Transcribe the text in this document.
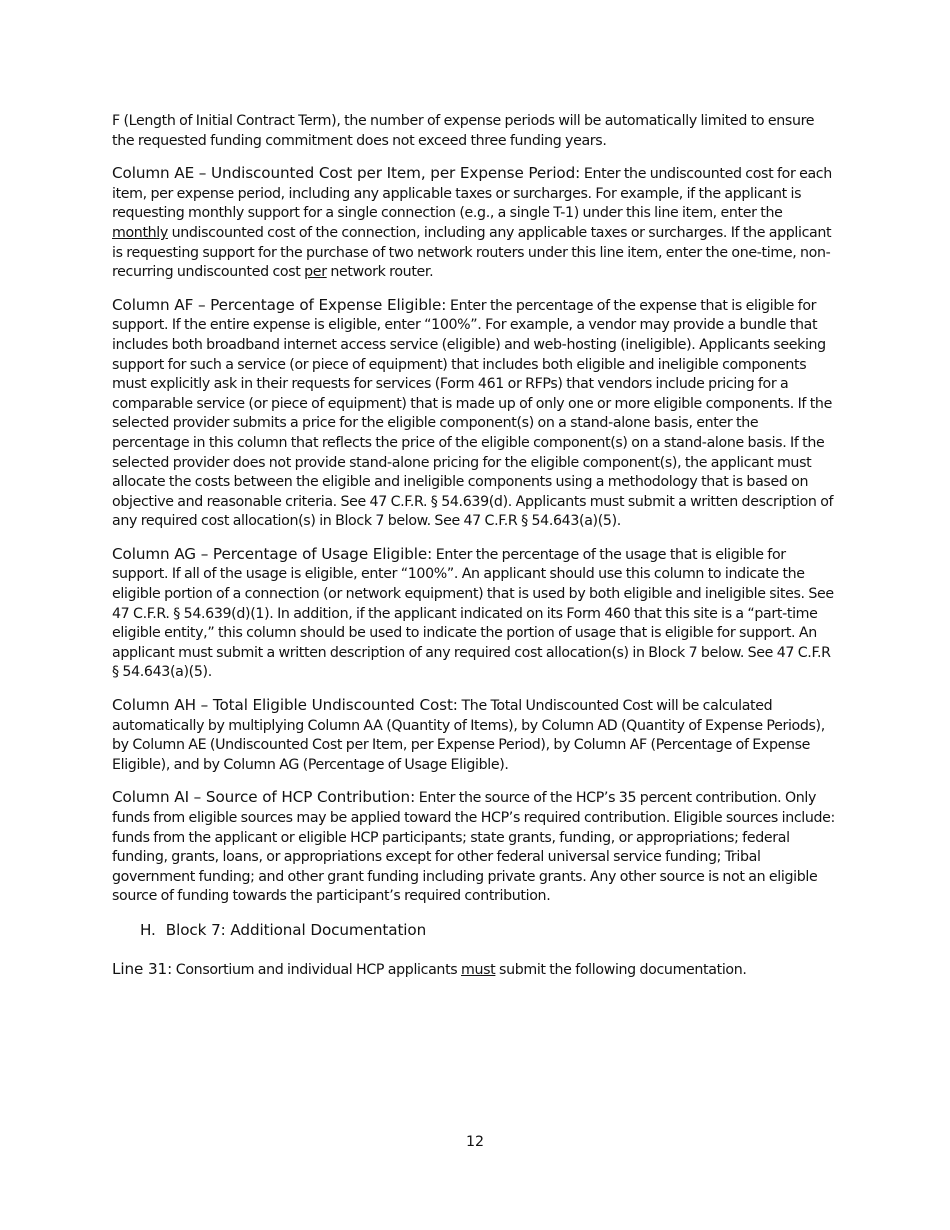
F (Length of Initial Contract Term), the number of expense periods will be automatically limited to ensure the requested funding commitment does not exceed three funding years.

Column AE – Undiscounted Cost per Item, per Expense Period: Enter the undiscounted cost for each item, per expense period, including any applicable taxes or surcharges. For example, if the applicant is requesting monthly support for a single connection (e.g., a single T-1) under this line item, enter the monthly undiscounted cost of the connection, including any applicable taxes or surcharges. If the applicant is requesting support for the purchase of two network routers under this line item, enter the one-time, non-recurring undiscounted cost per network router.

Column AF – Percentage of Expense Eligible: Enter the percentage of the expense that is eligible for support. If the entire expense is eligible, enter “100%”. For example, a vendor may provide a bundle that includes both broadband internet access service (eligible) and web-hosting (ineligible). Applicants seeking support for such a service (or piece of equipment) that includes both eligible and ineligible components must explicitly ask in their requests for services (Form 461 or RFPs) that vendors include pricing for a comparable service (or piece of equipment) that is made up of only one or more eligible components. If the selected provider submits a price for the eligible component(s) on a stand-alone basis, enter the percentage in this column that reflects the price of the eligible component(s) on a stand-alone basis. If the selected provider does not provide stand-alone pricing for the eligible component(s), the applicant must allocate the costs between the eligible and ineligible components using a methodology that is based on objective and reasonable criteria. See 47 C.F.R. § 54.639(d). Applicants must submit a written description of any required cost allocation(s) in Block 7 below. See 47 C.F.R § 54.643(a)(5).

Column AG – Percentage of Usage Eligible: Enter the percentage of the usage that is eligible for support. If all of the usage is eligible, enter “100%”. An applicant should use this column to indicate the eligible portion of a connection (or network equipment) that is used by both eligible and ineligible sites. See 47 C.F.R. § 54.639(d)(1). In addition, if the applicant indicated on its Form 460 that this site is a “part-time eligible entity,” this column should be used to indicate the portion of usage that is eligible for support. An applicant must submit a written description of any required cost allocation(s) in Block 7 below. See 47 C.F.R § 54.643(a)(5).

Column AH – Total Eligible Undiscounted Cost: The Total Undiscounted Cost will be calculated automatically by multiplying Column AA (Quantity of Items), by Column AD (Quantity of Expense Periods), by Column AE (Undiscounted Cost per Item, per Expense Period), by Column AF (Percentage of Expense Eligible), and by Column AG (Percentage of Usage Eligible).

Column AI – Source of HCP Contribution: Enter the source of the HCP’s 35 percent contribution. Only funds from eligible sources may be applied toward the HCP’s required contribution. Eligible sources include: funds from the applicant or eligible HCP participants; state grants, funding, or appropriations; federal funding, grants, loans, or appropriations except for other federal universal service funding; Tribal government funding; and other grant funding including private grants. Any other source is not an eligible source of funding towards the participant’s required contribution.

H. Block 7: Additional Documentation

Line 31: Consortium and individual HCP applicants must submit the following documentation.

12
